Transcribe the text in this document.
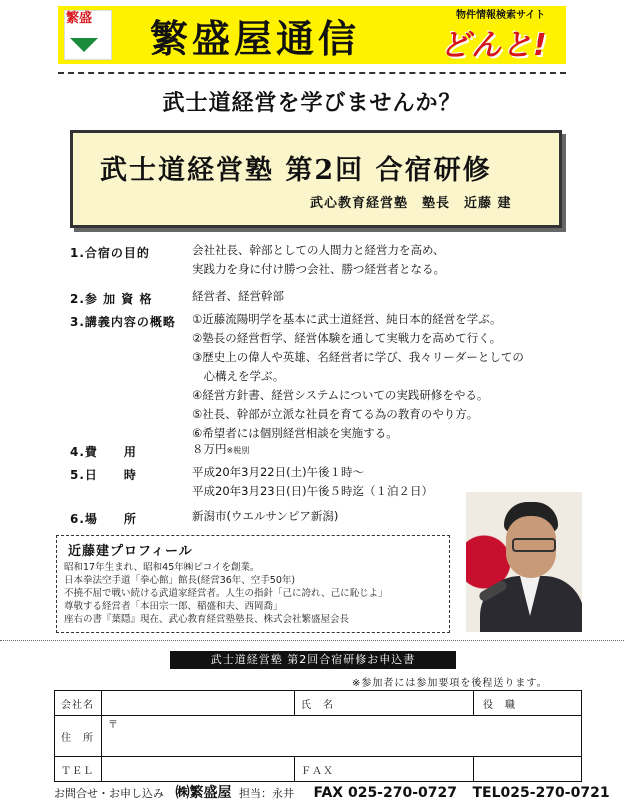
繁盛 繁盛屋通信
物件情報検索サイト
どんと!
武士道経営を学びませんか？
武士道経営塾 第2回 合宿研修
武心教育経営塾　塾長　近藤 建
1.合宿の目的	会社社長、幹部としての人間力と経営力を高め、
実践力を身に付け勝つ会社、勝つ経営者となる。
2.参 加 資 格	経営者、経営幹部
3.講義内容の概略 ①近藤流陽明学を基本に武士道経営、純日本的経営を学ぶ。
②塾長の経営哲学、経営体験を通して実戦力を高めて行く。
③歴史上の偉人や英雄、名経営者に学び、我々リーダーとしての
　心構えを学ぶ。
④経営方針書、経営システムについての実践研修をやる。
⑤社長、幹部が立派な社員を育てる為の教育のやり方。
⑥希望者には個別経営相談を実施する。
4.費　　用	８万円※税別
5.日　　時	平成20年3月22日(土)午後１時～
平成20年3月23日(日)午後５時迄（１泊２日）
6.場　　所	新潟市(ウエルサンピア新潟)
近藤建プロフィール
昭和17年生まれ、昭和45年㈱ピコイを創業。
日本拳法空手道「拳心館」館長(経営36年、空手50年)
不撓不屈で戦い続ける武道家経営者。人生の指針「己に誇れ、己に恥じよ」
尊敬する経営者「本田宗一郎、稲盛和夫、西岡喬」
座右の書『葉隠』現在、武心教育経営塾塾長、株式会社繁盛屋会長
武士道経営塾 第2回合宿研修お申込書
※参加者には参加要項を後程送ります。
会社名		氏　名		役　職	
住　所	〒				
ＴＥＬ		ＦＡＸ			
お問合せ・お申し込み ㈱繁盛屋 担当：永井 FAX 025-270-0727 TEL025-270-0721
